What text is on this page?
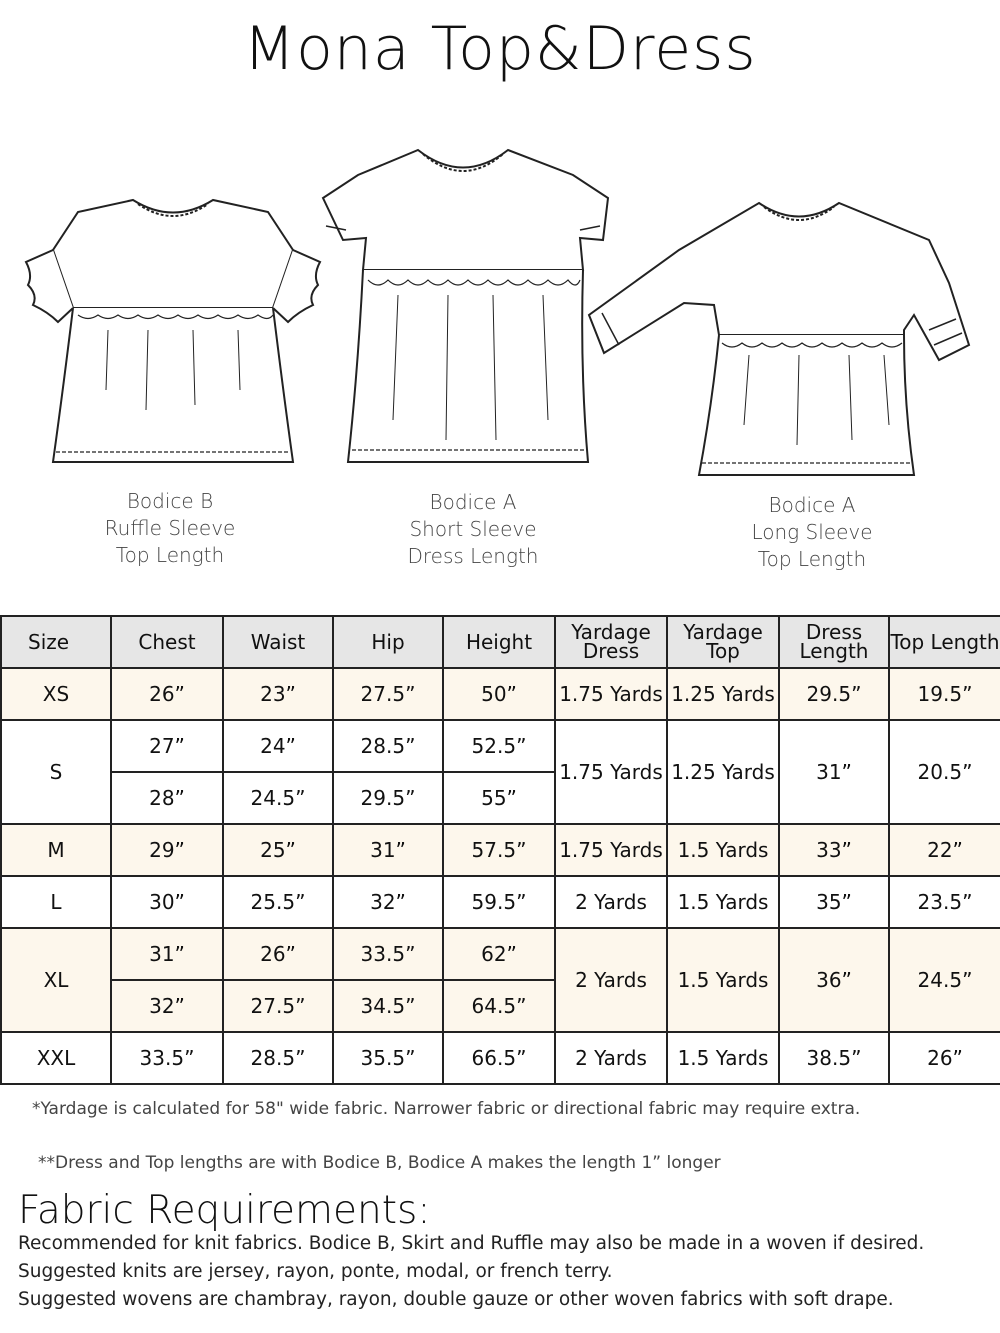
Mona Top&Dress
Bodice B
Ruffle Sleeve
Top Length
Bodice A
Short Sleeve
Dress Length
Bodice A
Long Sleeve
Top Length
Size	Chest	Waist	Hip	Height	Yardage Dress	Yardage Top	Dress Length	Top Length
XS	26”	23”	27.5”	50”	1.75 Yards	1.25 Yards	29.5”	19.5”
S	27”	24”	28.5”	52.5”	1.75 Yards	1.25 Yards	31”	20.5”
	28”	24.5”	29.5”	55”				
M	29”	25”	31”	57.5”	1.75 Yards	1.5 Yards	33”	22”
L	30”	25.5”	32”	59.5”	2 Yards	1.5 Yards	35”	23.5”
XL	31”	26”	33.5”	62”	2 Yards	1.5 Yards	36”	24.5”
	32”	27.5”	34.5”	64.5”				
XXL	33.5”	28.5”	35.5”	66.5”	2 Yards	1.5 Yards	38.5”	26”
*Yardage is calculated for 58" wide fabric. Narrower fabric or directional fabric may require extra.
**Dress and Top lengths are with Bodice B, Bodice A makes the length 1” longer
Fabric Requirements:
Recommended for knit fabrics. Bodice B, Skirt and Ruffle may also be made in a woven if desired.
Suggested knits are jersey, rayon, ponte, modal, or french terry.
Suggested wovens are chambray, rayon, double gauze or other woven fabrics with soft drape.
